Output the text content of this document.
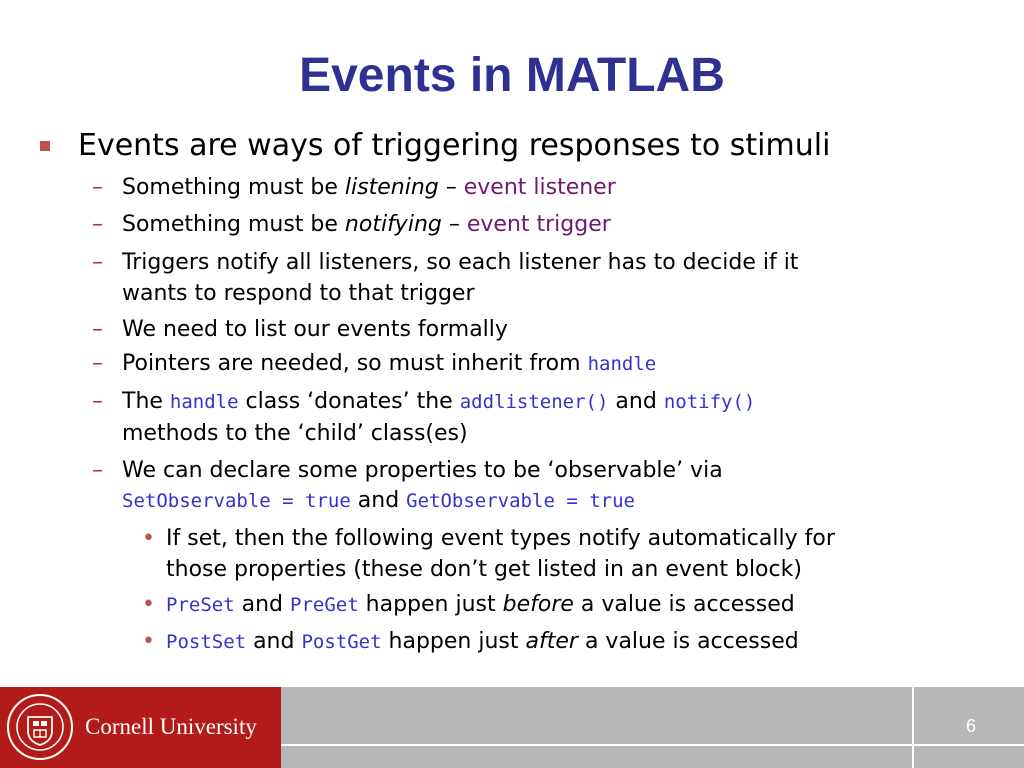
Events in MATLAB
Events are ways of triggering responses to stimuli
– Something must be listening – event listener
– Something must be notifying – event trigger
– Triggers notify all listeners, so each listener has to decide if it
wants to respond to that trigger
– We need to list our events formally
– Pointers are needed, so must inherit from handle
– The handle class ‘donates’ the addlistener() and notify()
methods to the ‘child’ class(es)
– We can declare some properties to be ‘observable’ via
SetObservable = true and GetObservable = true
• If set, then the following event types notify automatically for
those properties (these don’t get listed in an event block)
• PreSet and PreGet happen just before a value is accessed
• PostSet and PostGet happen just after a value is accessed
Cornell University	6
